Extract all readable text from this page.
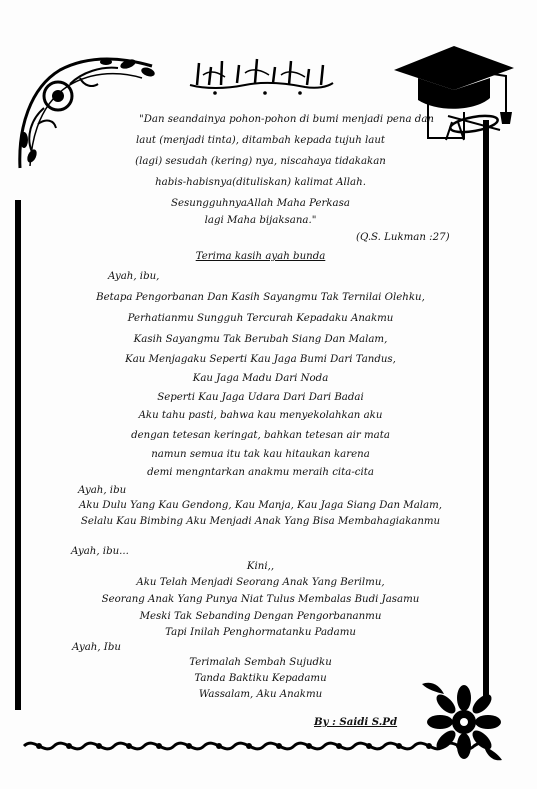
"Dan seandainya pohon-pohon di bumi menjadi pena dan
laut (menjadi tinta), ditambah kepada tujuh laut
(lagi) sesudah (kering) nya, niscahaya tidakakan
habis-habisnya(dituliskan) kalimat Allah.
SesungguhnyaAllah Maha Perkasa
lagi Maha bijaksana."
(Q.S. Lukman :27)
Terima kasih ayah bunda
Ayah, ibu,
Betapa Pengorbanan Dan Kasih Sayangmu Tak Ternilai Olehku,
Perhatianmu Sungguh Tercurah Kepadaku Anakmu
Kasih Sayangmu Tak Berubah Siang Dan Malam,
Kau Menjagaku Seperti Kau Jaga Bumi Dari Tandus,
Kau Jaga Madu Dari Noda
Seperti Kau Jaga Udara Dari Dari Badai
Aku tahu pasti, bahwa kau menyekolahkan aku
dengan tetesan keringat, bahkan tetesan air mata
namun semua itu tak kau hitaukan karena
demi mengntarkan anakmu meraih cita-cita
Ayah, ibu
Aku Dulu Yang Kau Gendong, Kau Manja, Kau Jaga Siang Dan Malam,
Selalu Kau Bimbing Aku Menjadi Anak Yang Bisa Membahagiakanmu
Ayah, ibu...
Kini,,
Aku Telah Menjadi Seorang Anak Yang Berilmu,
Seorang Anak Yang Punya Niat Tulus Membalas Budi Jasamu
Meski Tak Sebanding Dengan Pengorbananmu
Tapi Inilah Penghormatanku Padamu
Ayah, Ibu
Terimalah Sembah Sujudku
Tanda Baktiku Kepadamu
Wassalam, Aku Anakmu
By : Saidi S.Pd
